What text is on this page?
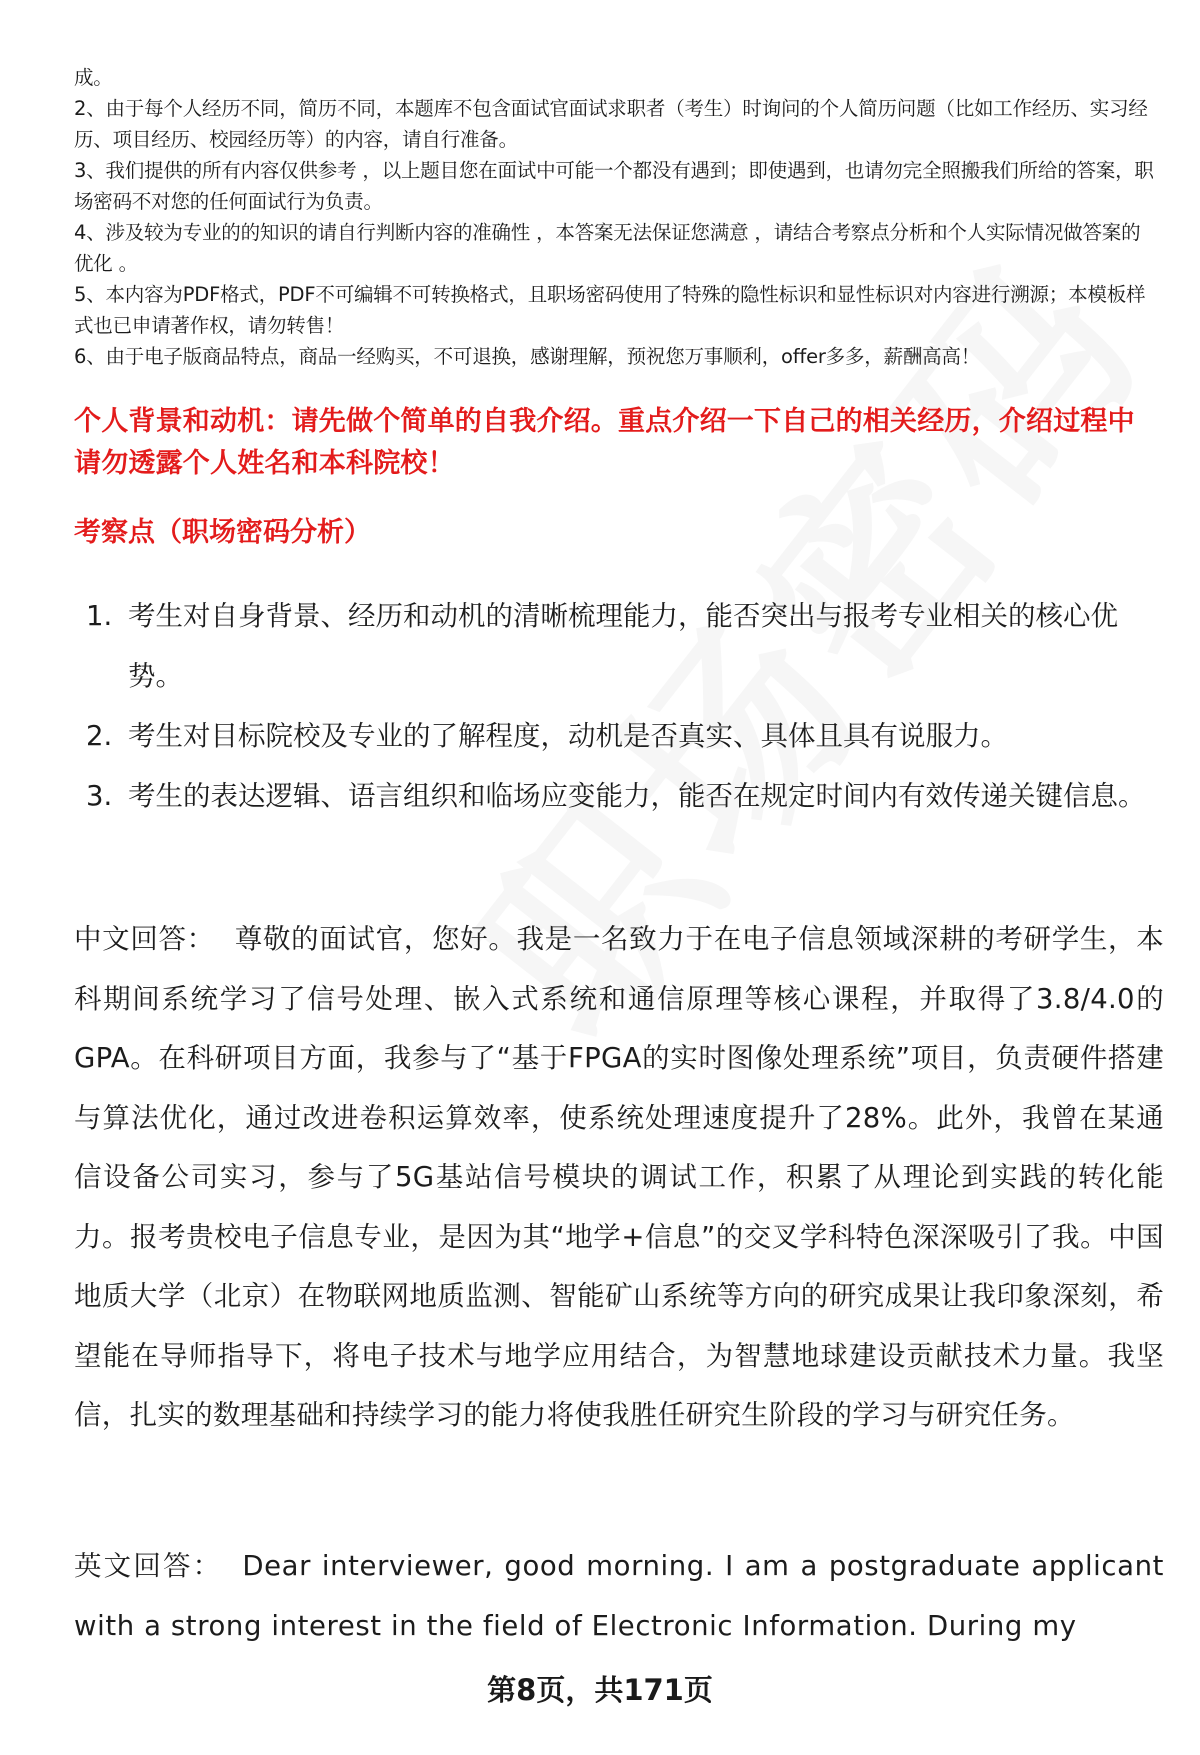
成。

2、由于每个人经历不同，简历不同，本题库不包含面试官面试求职者（考生）时询问的个人简历问题（比如工作经历、实习经历、项目经历、校园经历等）的内容，请自行准备。

3、我们提供的所有内容仅供参考 ，以上题目您在面试中可能一个都没有遇到；即使遇到，也请勿完全照搬我们所给的答案，职场密码不对您的任何面试行为负责。

4、涉及较为专业的的知识的请自行判断内容的准确性 ，本答案无法保证您满意 ，请结合考察点分析和个人实际情况做答案的优化 。

5、本内容为PDF格式，PDF不可编辑不可转换格式，且职场密码使用了特殊的隐性标识和显性标识对内容进行溯源；本模板样式也已申请著作权，请勿转售！

6、由于电子版商品特点，商品一经购买，不可退换，感谢理解，预祝您万事顺利，offer多多，薪酬高高！

个人背景和动机：请先做个简单的自我介绍。重点介绍一下自己的相关经历，介绍过程中请勿透露个人姓名和本科院校！

考察点（职场密码分析）

1. 考生对自身背景、经历和动机的清晰梳理能力，能否突出与报考专业相关的核心优势。
2. 考生对目标院校及专业的了解程度，动机是否真实、具体且具有说服力。
3. 考生的表达逻辑、语言组织和临场应变能力，能否在规定时间内有效传递关键信息。

中文回答： 尊敬的面试官，您好。我是一名致力于在电子信息领域深耕的考研学生，本科期间系统学习了信号处理、嵌入式系统和通信原理等核心课程，并取得了3.8/4.0的GPA。在科研项目方面，我参与了“基于FPGA的实时图像处理系统”项目，负责硬件搭建与算法优化，通过改进卷积运算效率，使系统处理速度提升了28%。此外，我曾在某通信设备公司实习，参与了5G基站信号模块的调试工作，积累了从理论到实践的转化能力。报考贵校电子信息专业，是因为其“地学+信息”的交叉学科特色深深吸引了我。中国地质大学（北京）在物联网地质监测、智能矿山系统等方向的研究成果让我印象深刻，希望能在导师指导下，将电子技术与地学应用结合，为智慧地球建设贡献技术力量。我坚信，扎实的数理基础和持续学习的能力将使我胜任研究生阶段的学习与研究任务。

英文回答： Dear interviewer, good morning. I am a postgraduate applicant with a strong interest in the field of Electronic Information. During my

第8页，共171页
